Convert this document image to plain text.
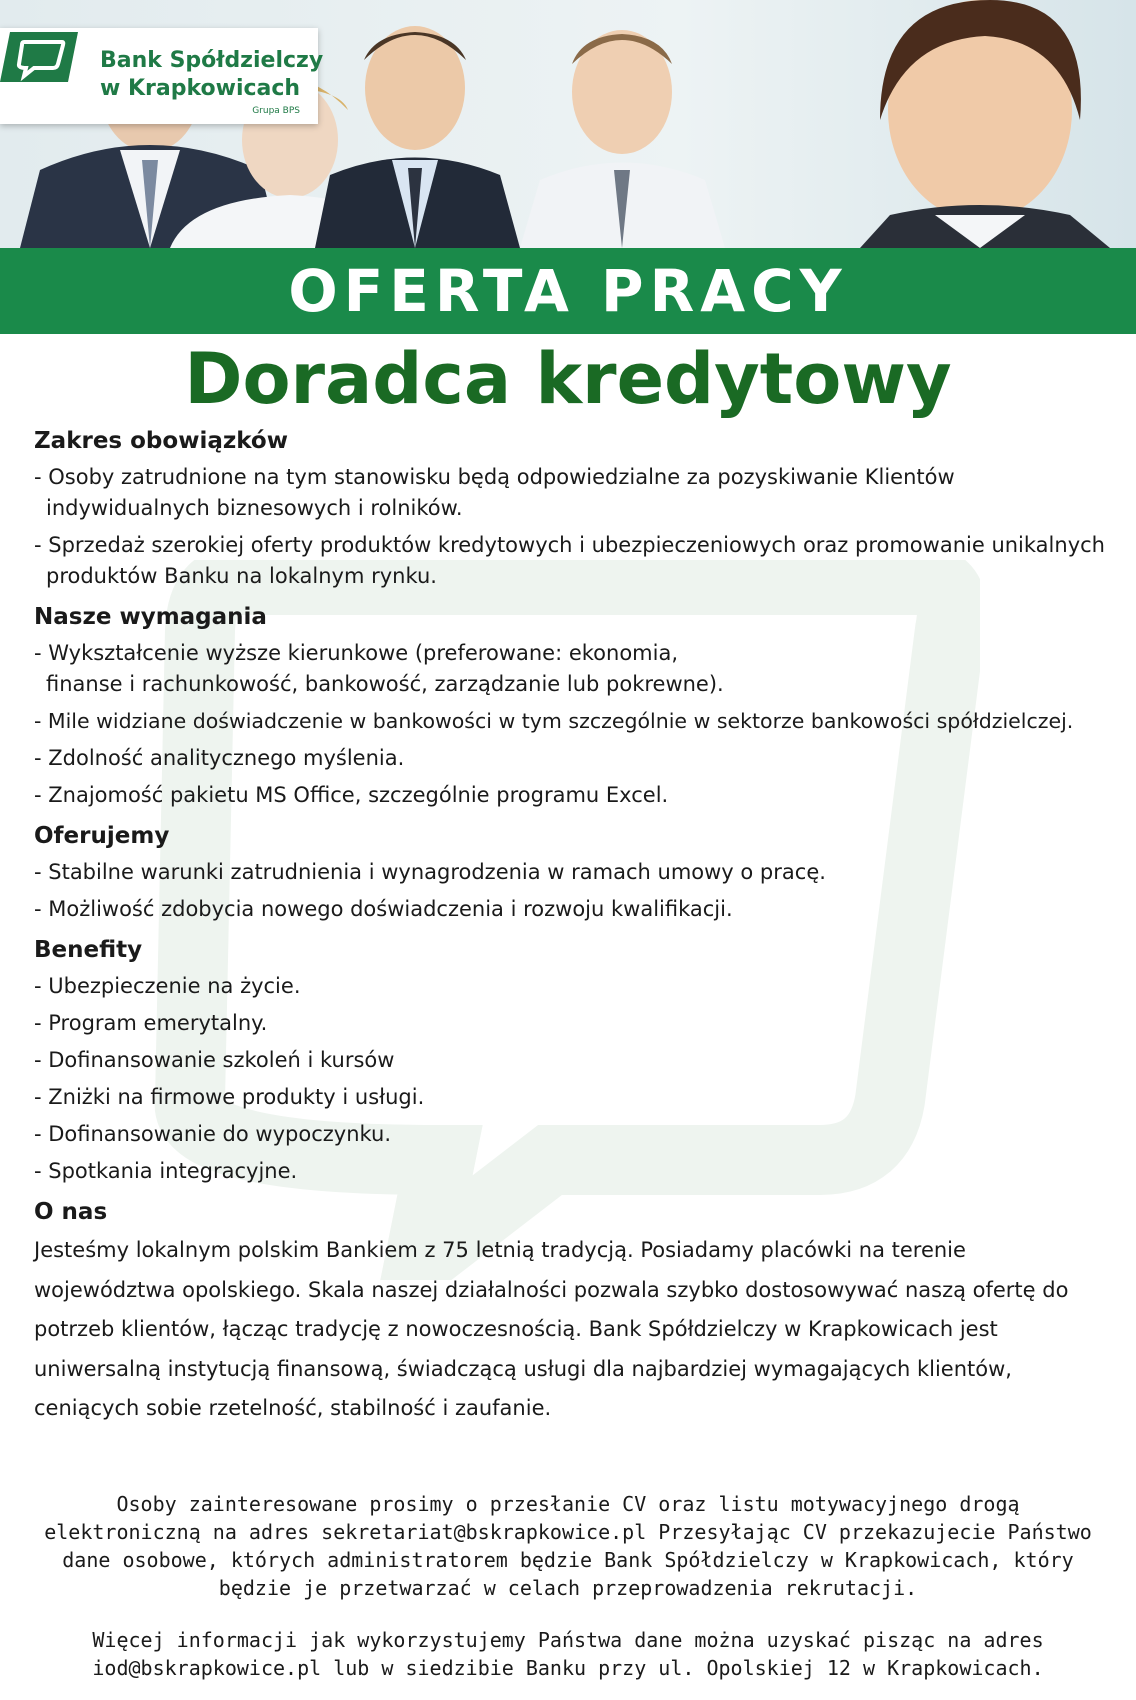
Bank Spółdzielczy
w Krapkowicach
Grupa BPS
OFERTA PRACY
Doradca kredytowy
Zakres obowiązków
- Osoby zatrudnione na tym stanowisku będą odpowiedzialne za pozyskiwanie Klientów indywidualnych biznesowych i rolników.
- Sprzedaż szerokiej oferty produktów kredytowych i ubezpieczeniowych oraz promowanie unikalnych produktów Banku na lokalnym rynku.
Nasze wymagania
- Wykształcenie wyższe kierunkowe (preferowane: ekonomia, finanse i rachunkowość, bankowość, zarządzanie lub pokrewne).
- Mile widziane doświadczenie w bankowości w tym szczególnie w sektorze bankowości spółdzielczej.
- Zdolność analitycznego myślenia.
- Znajomość pakietu MS Office, szczególnie programu Excel.
Oferujemy
- Stabilne warunki zatrudnienia i wynagrodzenia w ramach umowy o pracę.
- Możliwość zdobycia nowego doświadczenia i rozwoju kwalifikacji.
Benefity
- Ubezpieczenie na życie.
- Program emerytalny.
- Dofinansowanie szkoleń i kursów
- Zniżki na firmowe produkty i usługi.
- Dofinansowanie do wypoczynku.
- Spotkania integracyjne.
O nas

Jesteśmy lokalnym polskim Bankiem z 75 letnią tradycją. Posiadamy placówki na terenie województwa opolskiego. Skala naszej działalności pozwala szybko dostosowywać naszą ofertę do potrzeb klientów, łącząc tradycję z nowoczesnością. Bank Spółdzielczy w Krapkowicach jest uniwersalną instytucją finansową, świadczącą usługi dla najbardziej wymagających klientów, ceniących sobie rzetelność, stabilność i zaufanie.

Osoby zainteresowane prosimy o przesłanie CV oraz listu motywacyjnego drogą elektroniczną na adres sekretariat@bskrapkowice.pl Przesyłając CV przekazujecie Państwo dane osobowe, których administratorem będzie Bank Spółdzielczy w Krapkowicach, który będzie je przetwarzać w celach przeprowadzenia rekrutacji.

Więcej informacji jak wykorzystujemy Państwa dane można uzyskać pisząc na adres iod@bskrapkowice.pl lub w siedzibie Banku przy ul. Opolskiej 12 w Krapkowicach.
